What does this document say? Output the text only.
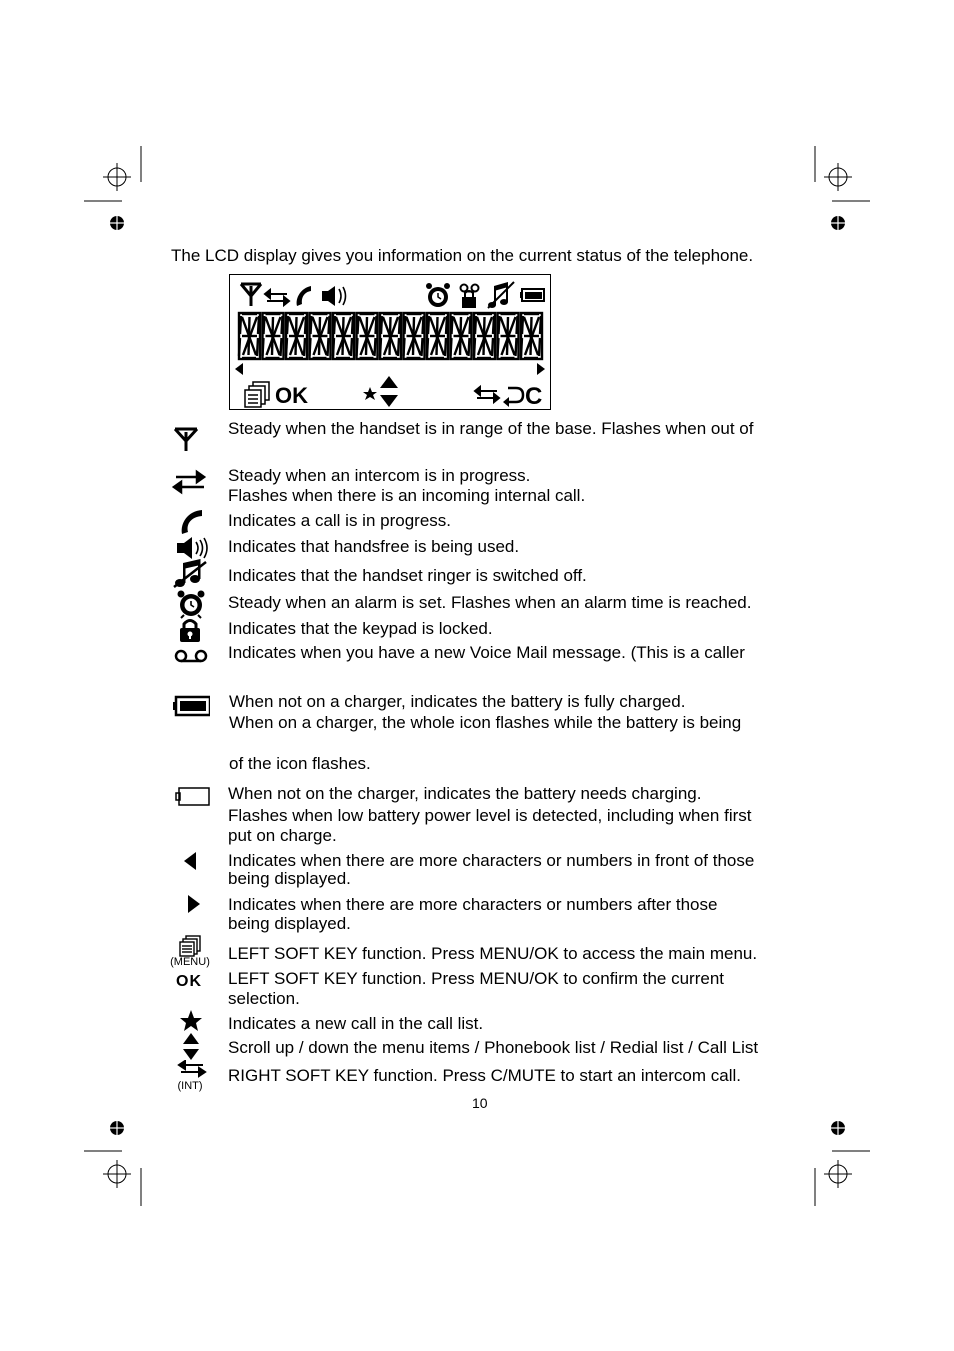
The LCD display gives you information on the current status of the telephone.
OK	C
(MENU)
OK
(INT)
Steady when the handset is in range of the base. Flashes when out of
Steady when an intercom is in progress.
Flashes when there is an incoming internal call.
Indicates a call is in progress.
Indicates that handsfree is being used.
Indicates that the handset ringer is switched off.
Steady when an alarm is set. Flashes when an alarm time is reached.
Indicates that the keypad is locked.
Indicates when you have a new Voice Mail message. (This is a caller
When not on a charger, indicates the battery is fully charged.
When on a charger, the whole icon flashes while the battery is being
of the icon flashes.
When not on the charger, indicates the battery needs charging.
Flashes when low battery power level is detected, including when first
put on charge.
Indicates when there are more characters or numbers in front of those
being displayed.
Indicates when there are more characters or numbers after those
being displayed.
LEFT SOFT KEY function. Press MENU/OK to access the main menu.
LEFT SOFT KEY function. Press MENU/OK to confirm the current
selection.
Indicates a new call in the call list.
Scroll up / down the menu items / Phonebook list / Redial list / Call List
RIGHT SOFT KEY function. Press C/MUTE to start an intercom call.
10
